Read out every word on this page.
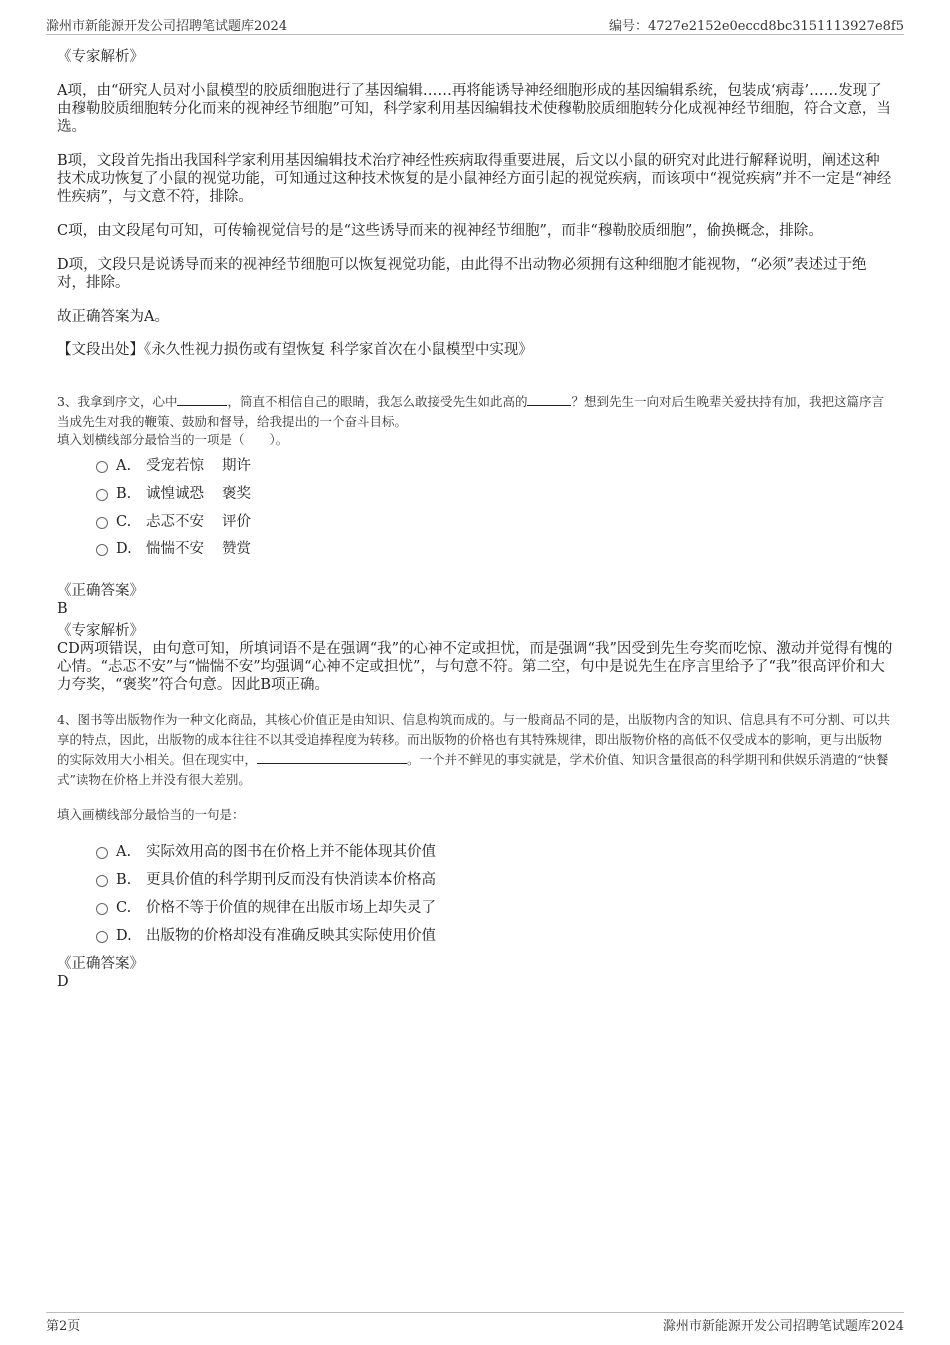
滁州市新能源开发公司招聘笔试题库2024	编号：4727e2152e0eccd8bc3151113927e8f5
《专家解析》
A项，由“研究人员对小鼠模型的胶质细胞进行了基因编辑……再将能诱导神经细胞形成的基因编辑系统，包装成‘病毒’……发现了由穆勒胶质细胞转分化而来的视神经节细胞”可知，科学家利用基因编辑技术使穆勒胶质细胞转分化成视神经节细胞，符合文意，当选。
B项，文段首先指出我国科学家利用基因编辑技术治疗神经性疾病取得重要进展，后文以小鼠的研究对此进行解释说明，阐述这种技术成功恢复了小鼠的视觉功能，可知通过这种技术恢复的是小鼠神经方面引起的视觉疾病，而该项中“视觉疾病”并不一定是“神经性疾病”，与文意不符，排除。
C项，由文段尾句可知，可传输视觉信号的是“这些诱导而来的视神经节细胞”，而非“穆勒胶质细胞”，偷换概念，排除。
D项，文段只是说诱导而来的视神经节细胞可以恢复视觉功能，由此得不出动物必须拥有这种细胞才能视物，“必须”表述过于绝对，排除。
故正确答案为A。
【文段出处】《永久性视力损伤或有望恢复 科学家首次在小鼠模型中实现》
3、我拿到序文，心中	，简直不相信自己的眼睛，我怎么敢接受先生如此高的	？想到先生一向对后生晚辈关爱扶持有加，我把这篇序言当成先生对我的鞭策、鼓励和督导，给我提出的一个奋斗目标。
填入划横线部分最恰当的一项是（　　）。
A. 受宠若惊 期许
B. 诚惶诚恐 褒奖
C. 忐忑不安 评价
D. 惴惴不安 赞赏
《正确答案》
B
《专家解析》
CD两项错误，由句意可知，所填词语不是在强调“我”的心神不定或担忧，而是强调“我”因受到先生夸奖而吃惊、激动并觉得有愧的心情。“忐忑不安”与“惴惴不安”均强调“心神不定或担忧”，与句意不符。第二空，句中是说先生在序言里给予了“我”很高评价和大力夸奖，“褒奖”符合句意。因此B项正确。
4、图书等出版物作为一种文化商品，其核心价值正是由知识、信息构筑而成的。与一般商品不同的是，出版物内含的知识、信息具有不可分割、可以共享的特点，因此，出版物的成本往往不以其受追捧程度为转移。而出版物的价格也有其特殊规律，即出版物价格的高低不仅受成本的影响，更与出版物的实际效用大小相关。但在现实中，	。一个并不鲜见的事实就是，学术价值、知识含量很高的科学期刊和供娱乐消遣的“快餐式”读物在价格上并没有很大差别。
填入画横线部分最恰当的一句是：
A. 实际效用高的图书在价格上并不能体现其价值
B. 更具价值的科学期刊反而没有快消读本价格高
C. 价格不等于价值的规律在出版市场上却失灵了
D. 出版物的价格却没有准确反映其实际使用价值
《正确答案》
D
第2页	滁州市新能源开发公司招聘笔试题库2024
